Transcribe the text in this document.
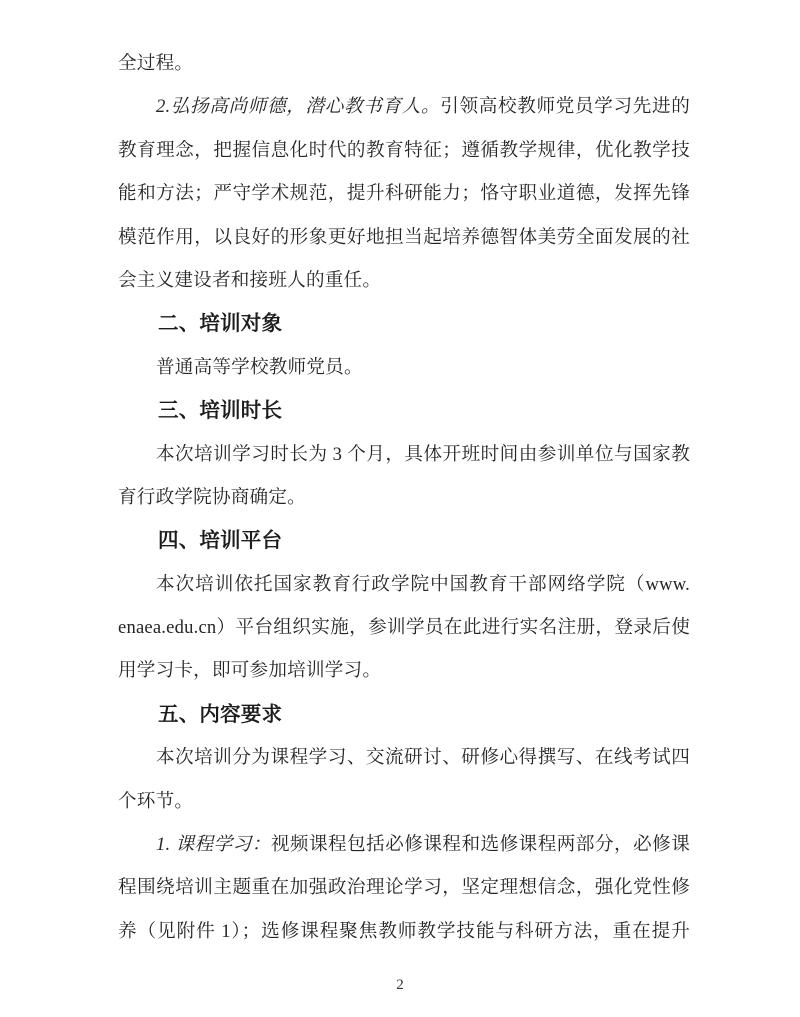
全过程。
2.弘扬高尚师德，潜心教书育人。引领高校教师党员学习先进的
教育理念，把握信息化时代的教育特征；遵循教学规律，优化教学技
能和方法；严守学术规范，提升科研能力；恪守职业道德，发挥先锋
模范作用，以良好的形象更好地担当起培养德智体美劳全面发展的社
会主义建设者和接班人的重任。
二、培训对象
普通高等学校教师党员。
三、培训时长
本次培训学习时长为 3 个月，具体开班时间由参训单位与国家教
育行政学院协商确定。
四、培训平台
本次培训依托国家教育行政学院中国教育干部网络学院（www.
enaea.edu.cn）平台组织实施，参训学员在此进行实名注册，登录后使
用学习卡，即可参加培训学习。
五、内容要求
本次培训分为课程学习、交流研讨、研修心得撰写、在线考试四
个环节。
1. 课程学习：视频课程包括必修课程和选修课程两部分，必修课
程围绕培训主题重在加强政治理论学习，坚定理想信念，强化党性修
养（见附件 1）；选修课程聚焦教师教学技能与科研方法，重在提升
2
